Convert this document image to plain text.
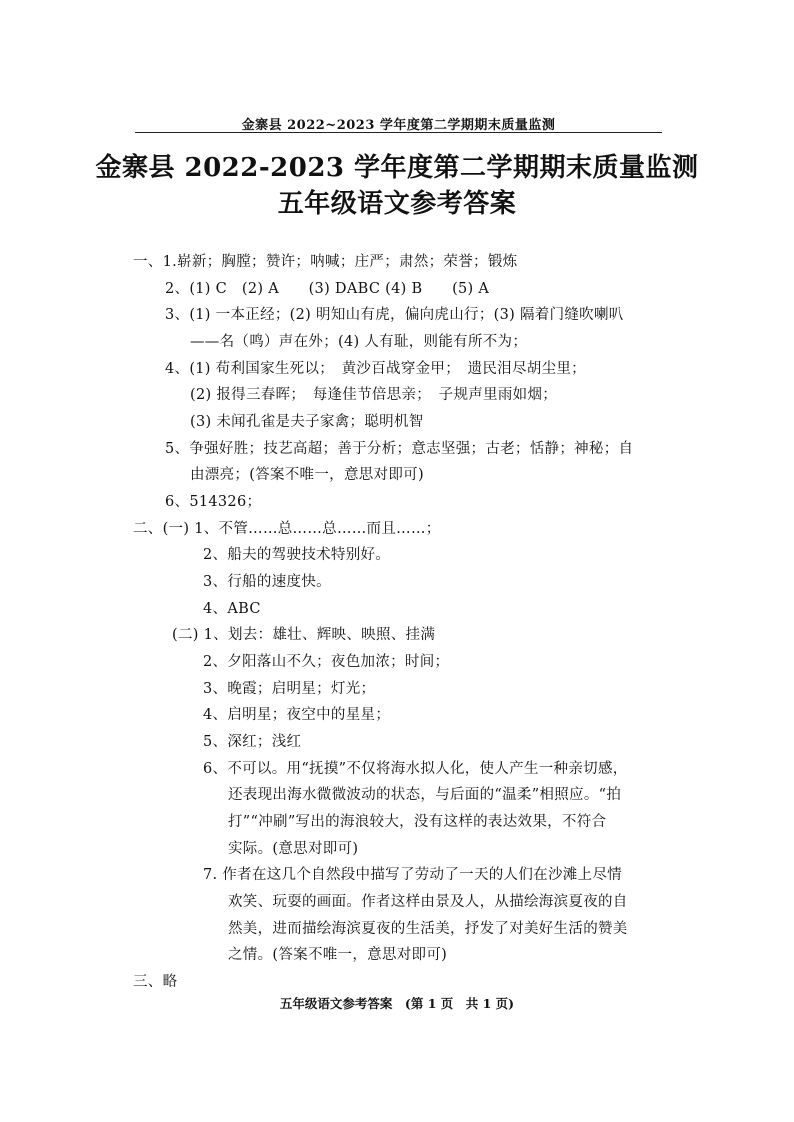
金寨县 2022~2023 学年度第二学期期末质量监测
金寨县 2022-2023 学年度第二学期期末质量监测
五年级语文参考答案
一、1.崭新；胸膛；赞许；呐喊；庄严；肃然；荣誉；锻炼
2、(1) C　(2) A　　(3) DABC (4) B　　(5) A
3、(1) 一本正经；(2) 明知山有虎，偏向虎山行；(3) 隔着门缝吹喇叭
——名（鸣）声在外；(4) 人有耻，则能有所不为；
4、(1) 苟利国家生死以；　黄沙百战穿金甲；　遗民泪尽胡尘里；
(2) 报得三春晖；　每逢佳节倍思亲；　子规声里雨如烟；
(3) 未闻孔雀是夫子家禽；聪明机智
5、争强好胜；技艺高超；善于分析；意志坚强；古老；恬静；神秘；自
由漂亮；(答案不唯一，意思对即可)
6、514326；
二、(一) 1、不管……总……总……而且……；
2、船夫的驾驶技术特别好。
3、行船的速度快。
4、ABC
(二) 1、划去：雄壮、辉映、映照、挂满
2、夕阳落山不久；夜色加浓；时间；
3、晚霞；启明星；灯光；
4、启明星；夜空中的星星；
5、深红；浅红
6、不可以。用“抚摸”不仅将海水拟人化，使人产生一种亲切感，
还表现出海水微微波动的状态，与后面的“温柔”相照应。“拍
打”“冲刷”写出的海浪较大，没有这样的表达效果，不符合
实际。(意思对即可)
7. 作者在这几个自然段中描写了劳动了一天的人们在沙滩上尽情
欢笑、玩耍的画面。作者这样由景及人，从描绘海滨夏夜的自
然美，进而描绘海滨夏夜的生活美，抒发了对美好生活的赞美
之情。(答案不唯一，意思对即可)
三、略
五年级语文参考答案　(第 1 页　共 1 页)
